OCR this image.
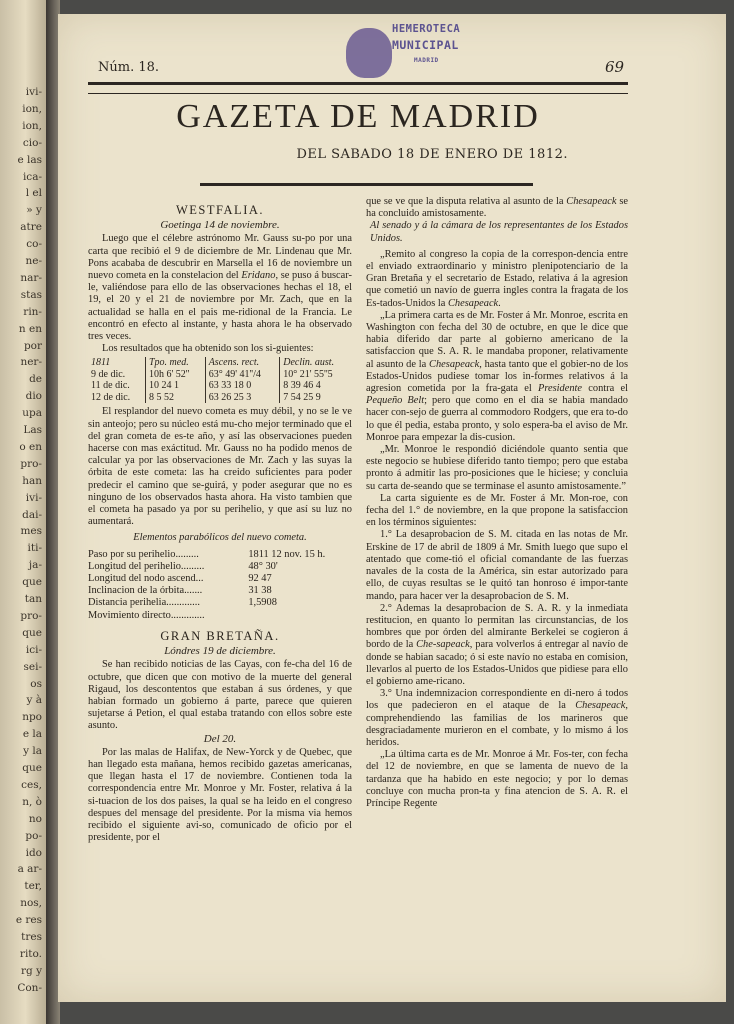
ivi-
ion,
ion,
cio-
e las
ica-
l el
» y
atre
co-
ne-
nar-
stas
rin-
n en
por
ner-
de
dio
upa
Las
o en
pro-
han
ivi-
dai-
mes
iti-
ja-
que
tan
pro-
que
ici-
sei-
os
y à
npo
e la
y la
que
ces,
n, ò
no
po-
ido
a ar-
ter,
nos,
e res
tres
rito.
rg y
Con-
HEMEROTECA
MUNICIPAL
MADRID
Núm. 18.	69
GAZETA DE MADRID
DEL SABADO 18 DE ENERO DE 1812.

WESTFALIA.

Goetinga 14 de noviembre.

Luego que el célebre astrónomo Mr. Gauss su-po por una carta que recibió el 9 de diciembre de Mr. Lindenau que Mr. Pons acababa de descubrir en Marsella el 16 de noviembre un nuevo cometa en la constelacion del Eridano, se puso á buscar-le, valiéndose para ello de las observaciones hechas el 18, el 19, el 20 y el 21 de noviembre por Mr. Zach, que en la actualidad se halla en el pais me-ridional de la Francia. Le encontró en efecto al instante, y hasta ahora le ha observado tres veces.

Los resultados que ha obtenido son los si-guientes:

1811	Tpo. med.	Ascens. rect.	Declin. aust.
9 de dic.	10h 6' 52''	63° 49' 41''/4	10° 21' 55''5
11 de dic.	10 24 1	63 33 18 0	8 39 46 4
12 de dic.	8 5 52	63 26 25 3	7 54 25 9

El resplandor del nuevo cometa es muy débil, y no se le ve sin anteojo; pero su núcleo está mu-cho mejor terminado que el del gran cometa de es-te año, y así las observaciones pueden hacerse con mas exáctitud. Mr. Gauss no ha podido menos de calcular ya por las observaciones de Mr. Zach y las suyas la órbita de este cometa: las ha creido suficientes para poder predecir el camino que se-guirá, y poder asegurar que no es ninguno de los observados hasta ahora. Ha visto tambien que el cometa ha pasado ya por su perihelio, y que así su luz no aumentará.

Elementos parabólicos del nuevo cometa.

Paso por su perihelio.........	1811 12 nov. 15 h.
Longitud del perihelio.........	48° 30'
Longitud del nodo ascend...	92 47
Inclinacion de la órbita.......	31 38
Distancia perihelia.............	1,5908
Movimiento directo.............	

GRAN BRETAÑA.

Lóndres 19 de diciembre.

Se han recibido noticias de las Cayas, con fe-cha del 16 de octubre, que dicen que con motivo de la muerte del general Rigaud, los descontentos que estaban á sus órdenes, y que habian formado un gobierno á parte, parece que quieren sujetarse á Petion, el qual estaba tratando con ellos sobre este asunto.

Del 20.

Por las malas de Halifax, de New-Yorck y de Quebec, que han llegado esta mañana, hemos recibido gazetas americanas, que llegan hasta el 17 de noviembre. Contienen toda la correspondencia entre Mr. Monroe y Mr. Foster, relativa á la si-tuacion de los dos paises, la qual se ha leido en el congreso despues del mensage del presidente. Por la misma via hemos recibido el siguiente avi-so, comunicado de oficio por el presidente, por el

que se ve que la disputa relativa al asunto de la Chesapeack se ha concluido amistosamente.

Al senado y á la cámara de los representantes de los Estados Unidos.

„Remito al congreso la copia de la correspon-dencia entre el enviado extraordinario y ministro plenipotenciario de la Gran Bretaña y el secretario de Estado, relativa á la agresion que cometió un navío de guerra ingles contra la fragata de los Es-tados-Unidos la Chesapeack.

„La primera carta es de Mr. Foster á Mr. Monroe, escrita en Washington con fecha del 30 de octubre, en que le dice que habia diferido dar parte al gobierno americano de la satisfaccion que S. A. R. le mandaba proponer, relativamente al asunto de la Chesapeack, hasta tanto que el gobier-no de los Estados-Unidos pudiese tomar los in-formes relativos á la agresion cometida por la fra-gata el Presidente contra el Pequeño Belt; pero que como en el dia se habia mandado hacer con-sejo de guerra al commodoro Rodgers, que era to-do lo que él pedia, estaba pronto, y solo espera-ba el aviso de Mr. Monroe para empezar la dis-cusion.

„Mr. Monroe le respondió diciéndole quanto sentia que este negocio se hubiese diferido tanto tiempo; pero que estaba pronto á admitir las pro-posiciones que le hiciese; y concluia su carta de-seando que se terminase el asunto amistosamente.”

La carta siguiente es de Mr. Foster á Mr. Mon-roe, con fecha del 1.° de noviembre, en la que propone la satisfaccion en los términos siguientes:

1.° La desaprobacion de S. M. citada en las notas de Mr. Erskine de 17 de abril de 1809 á Mr. Smith luego que supo el atentado que come-tió el oficial comandante de las fuerzas navales de la costa de la América, sin estar autorizado para ello, de cuyas resultas se le quitó tan honroso é impor-tante mando, para hacer ver la desaprobacion de S. M.

2.° Ademas la desaprobacion de S. A. R. y la inmediata restitucion, en quanto lo permitan las circunstancias, de los hombres que por órden del almirante Berkelei se cogieron á bordo de la Che-sapeack, para volverlos á entregar al navío de donde se habian sacado; ó si este navío no estaba en comision, llevarlos al puerto de los Estados-Unidos que pidiese para ello el gobierno ame-ricano.

3.° Una indemnizacion correspondiente en di-nero á todos los que padecieron en el ataque de la Chesapeack, comprehendiendo las familias de los marineros que desgraciadamente murieron en el combate, y lo mismo á los heridos.

„La última carta es de Mr. Monroe á Mr. Fos-ter, con fecha del 12 de noviembre, en que se lamenta de nuevo de la tardanza que ha habido en este negocio; y por lo demas concluye con mucha pron-ta y fina atencion de S. A. R. el Príncipe Regente
